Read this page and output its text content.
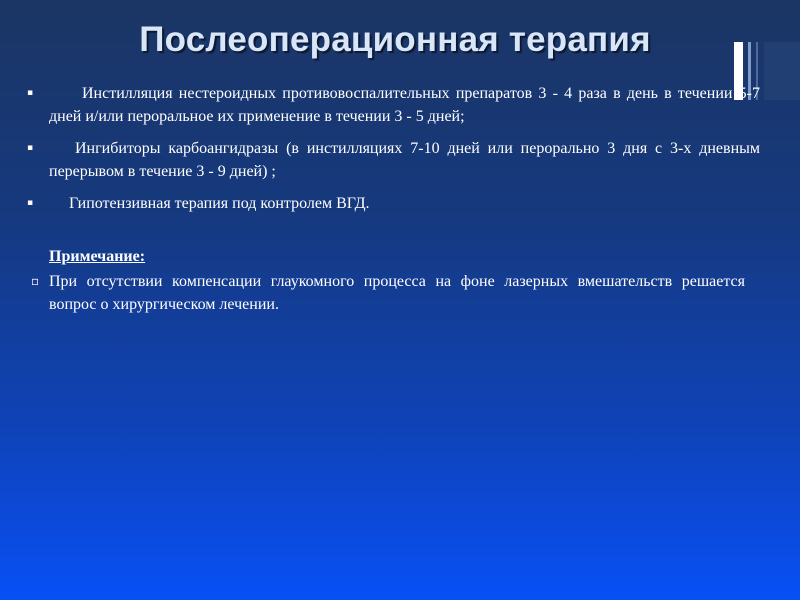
Послеоперационная терапия
▪	Инстилляция нестероидных противовоспалительных препаратов 3 - 4 раза в день в течении 5-7 дней и/или пероральное их применение в течении 3 - 5 дней;
▪	Ингибиторы карбоангидразы (в инстилляциях 7-10 дней или перорально 3 дня с 3-х дневным перерывом в течение 3 - 9 дней) ;
▪	Гипотензивная терапия под контролем ВГД.
Примечание:
▫ При отсутствии компенсации глаукомного процесса на фоне лазерных вмешательств решается вопрос о хирургическом лечении.
